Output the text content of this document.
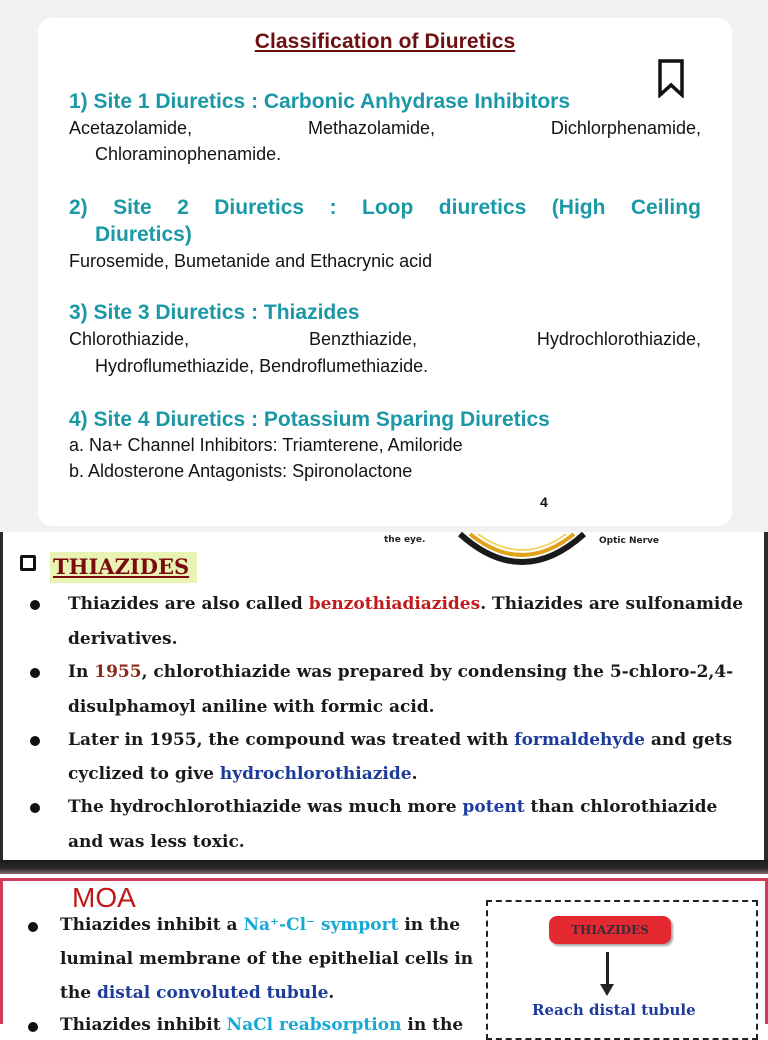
Classification of Diuretics
1) Site 1 Diuretics : Carbonic Anhydrase Inhibitors
Acetazolamide,	Methazolamide,	Dichlorphenamide,
Chloraminophenamide.
2) Site 2 Diuretics : Loop diuretics (High Ceiling
Diuretics)
Furosemide, Bumetanide and Ethacrynic acid
3) Site 3 Diuretics : Thiazides
Chlorothiazide,	Benzthiazide,	Hydrochlorothiazide,
Hydroflumethiazide, Bendroflumethiazide.
4) Site 4 Diuretics : Potassium Sparing Diuretics
a. Na+ Channel Inhibitors: Triamterene, Amiloride
b. Aldosterone Antagonists: Spironolactone
4
the eye.	Optic Nerve
THIAZIDES
Thiazides are also called benzothiadiazides. Thiazides are sulfonamide
derivatives.
In 1955, chlorothiazide was prepared by condensing the 5-chloro-2,4-
disulphamoyl aniline with formic acid.
Later in 1955, the compound was treated with formaldehyde and gets
cyclized to give hydrochlorothiazide.
The hydrochlorothiazide was much more potent than chlorothiazide
and was less toxic.
MOA
Thiazides inhibit a Na⁺-Cl⁻ symport in the
luminal membrane of the epithelial cells in
the distal convoluted tubule.
Thiazides inhibit NaCl reabsorption in the
THIAZIDES
Reach distal tubule
